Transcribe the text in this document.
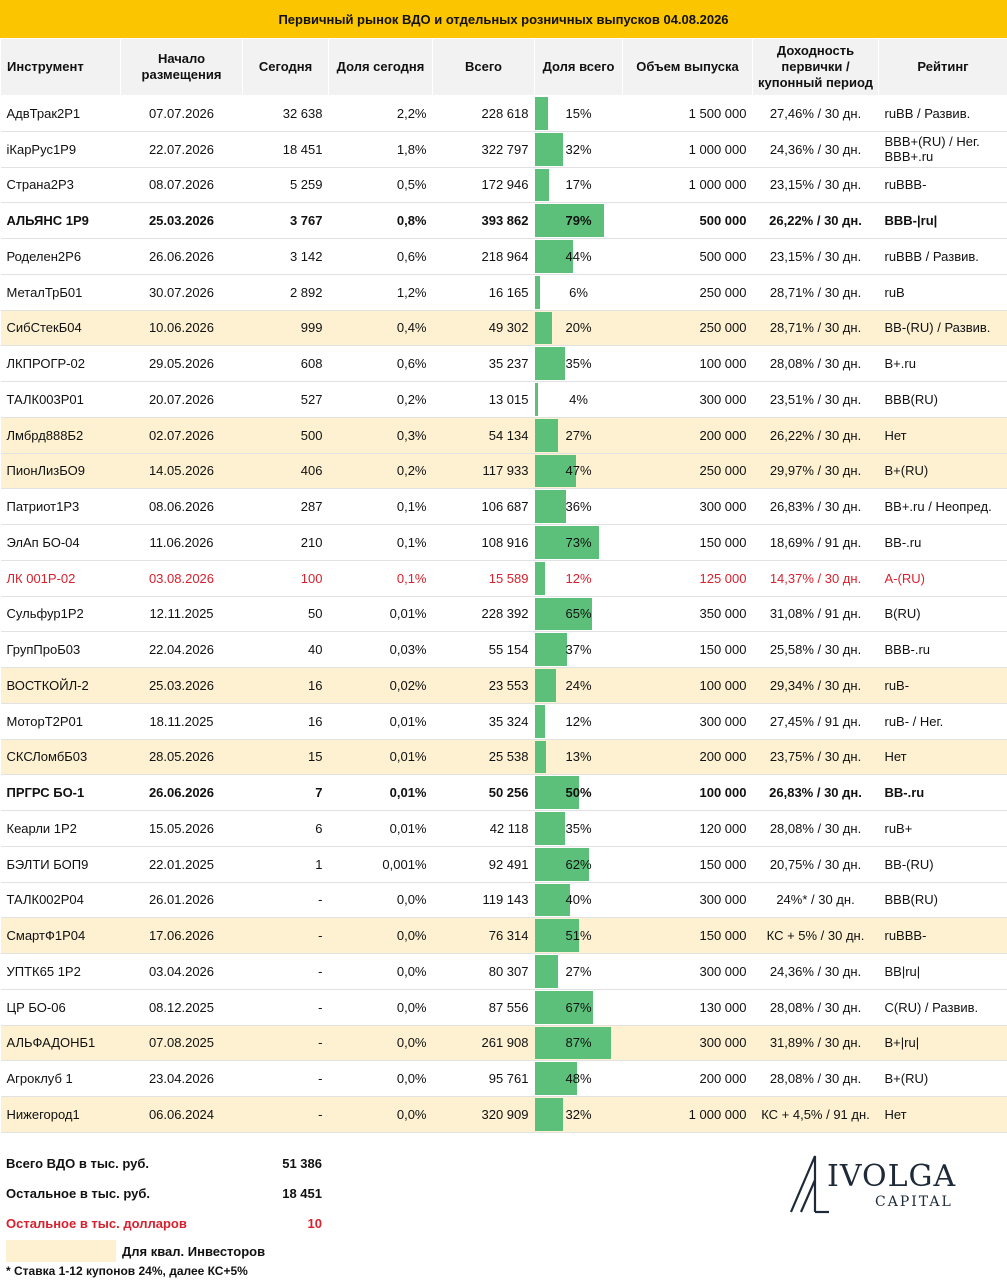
Первичный рынок ВДО и отдельных розничных выпусков 04.08.2026
Инструмент	Начало размещения	Сегодня	Доля сегодня	Всего	Доля всего	Объем выпуска	Доходность первички / купонный период	Рейтинг
АдвТрак2Р1	07.07.2026	32 638	2,2%	228 618	15%	1 500 000	27,46% / 30 дн.	ruBB / Развив.
iКарРус1Р9	22.07.2026	18 451	1,8%	322 797	32%	1 000 000	24,36% / 30 дн.	BBB+(RU) / Нег.
BBB+.ru
Страна2Р3	08.07.2026	5 259	0,5%	172 946	17%	1 000 000	23,15% / 30 дн.	ruBBB-
АЛЬЯНС 1Р9	25.03.2026	3 767	0,8%	393 862	79%	500 000	26,22% / 30 дн.	BBB-|ru|
Роделен2Р6	26.06.2026	3 142	0,6%	218 964	44%	500 000	23,15% / 30 дн.	ruBBB / Развив.
МеталТрБ01	30.07.2026	2 892	1,2%	16 165	6%	250 000	28,71% / 30 дн.	ruB
СибСтекБ04	10.06.2026	999	0,4%	49 302	20%	250 000	28,71% / 30 дн.	BB-(RU) / Развив.
ЛКПРОГР-02	29.05.2026	608	0,6%	35 237	35%	100 000	28,08% / 30 дн.	B+.ru
ТАЛК003Р01	20.07.2026	527	0,2%	13 015	4%	300 000	23,51% / 30 дн.	BBB(RU)
Лмбрд888Б2	02.07.2026	500	0,3%	54 134	27%	200 000	26,22% / 30 дн.	Нет
ПионЛизБО9	14.05.2026	406	0,2%	117 933	47%	250 000	29,97% / 30 дн.	B+(RU)
Патриот1Р3	08.06.2026	287	0,1%	106 687	36%	300 000	26,83% / 30 дн.	BB+.ru / Неопред.
ЭлАп БО-04	11.06.2026	210	0,1%	108 916	73%	150 000	18,69% / 91 дн.	BB-.ru
ЛК 001Р-02	03.08.2026	100	0,1%	15 589	12%	125 000	14,37% / 30 дн.	A-(RU)
Сульфур1Р2	12.11.2025	50	0,01%	228 392	65%	350 000	31,08% / 91 дн.	B(RU)
ГрупПроБ03	22.04.2026	40	0,03%	55 154	37%	150 000	25,58% / 30 дн.	BBB-.ru
ВОСТКОЙЛ-2	25.03.2026	16	0,02%	23 553	24%	100 000	29,34% / 30 дн.	ruB-
МоторТ2Р01	18.11.2025	16	0,01%	35 324	12%	300 000	27,45% / 91 дн.	ruB- / Нег.
СКСЛомбБ03	28.05.2026	15	0,01%	25 538	13%	200 000	23,75% / 30 дн.	Нет
ПРГРС БО-1	26.06.2026	7	0,01%	50 256	50%	100 000	26,83% / 30 дн.	BB-.ru
Кеарли 1Р2	15.05.2026	6	0,01%	42 118	35%	120 000	28,08% / 30 дн.	ruB+
БЭЛТИ БОП9	22.01.2025	1	0,001%	92 491	62%	150 000	20,75% / 30 дн.	BB-(RU)
ТАЛК002Р04	26.01.2026	-	0,0%	119 143	40%	300 000	24%* / 30 дн.	BBB(RU)
СмартФ1Р04	17.06.2026	-	0,0%	76 314	51%	150 000	КС + 5% / 30 дн.	ruBBB-
УПТК65 1Р2	03.04.2026	-	0,0%	80 307	27%	300 000	24,36% / 30 дн.	BB|ru|
ЦР БО-06	08.12.2025	-	0,0%	87 556	67%	130 000	28,08% / 30 дн.	C(RU) / Развив.
АЛЬФАДОНБ1	07.08.2025	-	0,0%	261 908	87%	300 000	31,89% / 30 дн.	B+|ru|
Агроклуб 1	23.04.2026	-	0,0%	95 761	48%	200 000	28,08% / 30 дн.	B+(RU)
Нижегород1	06.06.2024	-	0,0%	320 909	32%	1 000 000	КС + 4,5% / 91 дн.	Нет
Всего ВДО в тыс. руб.	51 386
Остальное в тыс. руб.	18 451
Остальное в тыс. долларов	10
Для квал. Инвесторов
* Ставка 1-12 купонов 24%, далее КС+5%
IVOLGA
CAPITAL
